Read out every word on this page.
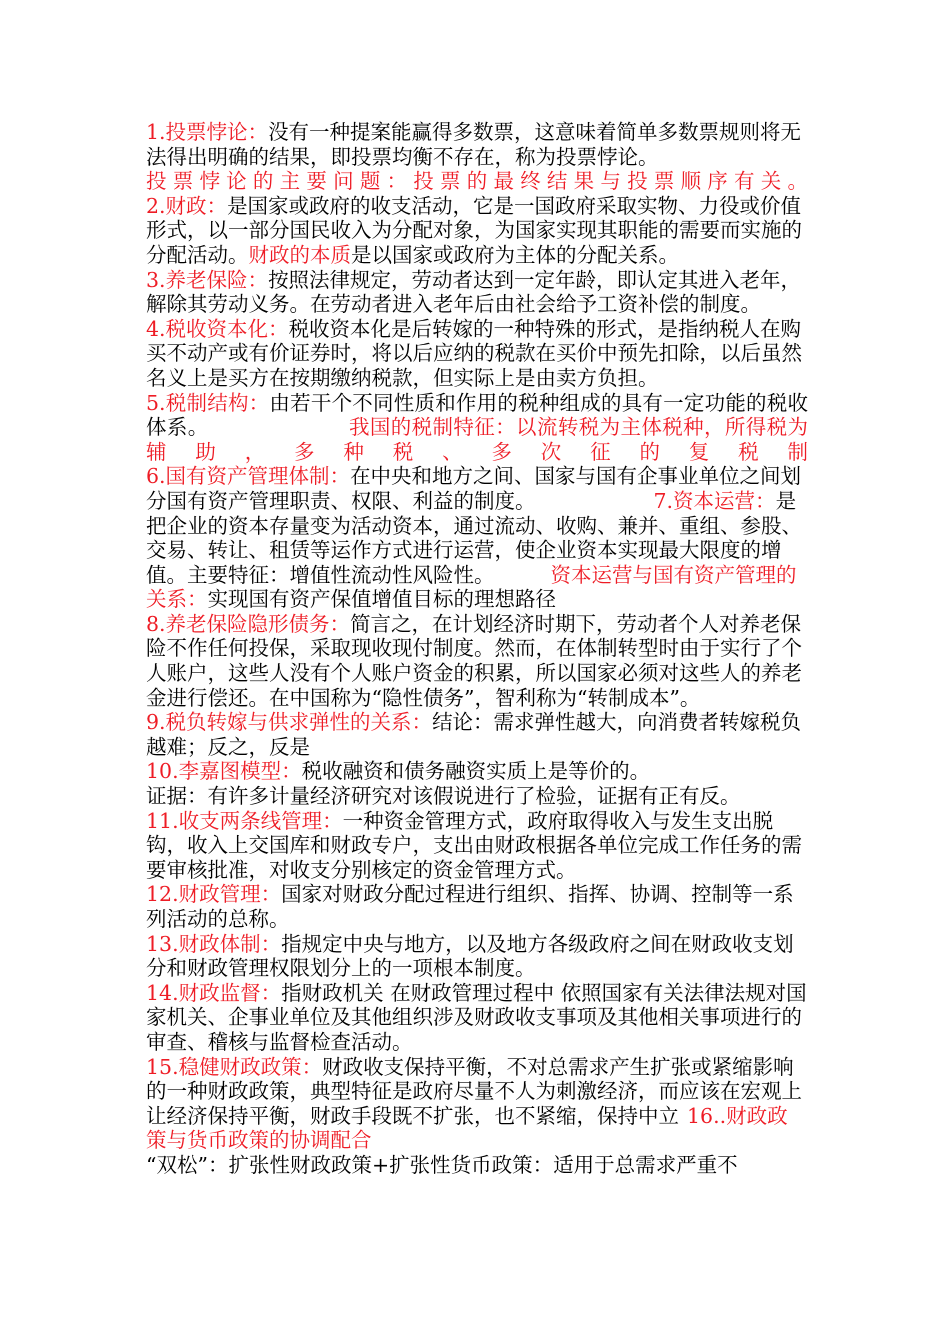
1.投票悖论：没有一种提案能赢得多数票，这意味着简单多数票规则将无法得出明确的结果，即投票均衡不存在，称为投票悖论。

投票悖论的主要问题：投票的最终结果与投票顺序有关。

2.财政：是国家或政府的收支活动，它是一国政府采取实物、力役或价值形式，以一部分国民收入为分配对象，为国家实现其职能的需要而实施的分配活动。财政的本质是以国家或政府为主体的分配关系。

3.养老保险：按照法律规定，劳动者达到一定年龄，即认定其进入老年，解除其劳动义务。在劳动者进入老年后由社会给予工资补偿的制度。

4.税收资本化：税收资本化是后转嫁的一种特殊的形式，是指纳税人在购买不动产或有价证券时，将以后应纳的税款在买价中预先扣除，以后虽然名义上是买方在按期缴纳税款，但实际上是由卖方负担。

5.税制结构：由若干个不同性质和作用的税种组成的具有一定功能的税收体系。	我国的税制特征：以流转税为主体税种，所得税为辅助，多种税、多次征的复税制

6.国有资产管理体制：在中央和地方之间、国家与国有企事业单位之间划分国有资产管理职责、权限、利益的制度。	7.资本运营：是把企业的资本存量变为活动资本，通过流动、收购、兼并、重组、参股、交易、转让、租赁等运作方式进行运营，使企业资本实现最大限度的增值。主要特征：增值性流动性风险性。	资本运营与国有资产管理的关系：实现国有资产保值增值目标的理想路径

8.养老保险隐形债务：简言之，在计划经济时期下，劳动者个人对养老保险不作任何投保，采取现收现付制度。然而，在体制转型时由于实行了个人账户，这些人没有个人账户资金的积累，所以国家必须对这些人的养老金进行偿还。在中国称为“隐性债务”，智利称为“转制成本”。

9.税负转嫁与供求弹性的关系：结论：需求弹性越大，向消费者转嫁税负越难；反之，反是

10.李嘉图模型：税收融资和债务融资实质上是等价的。

证据：有许多计量经济研究对该假说进行了检验，证据有正有反。

11.收支两条线管理：一种资金管理方式，政府取得收入与发生支出脱钩，收入上交国库和财政专户，支出由财政根据各单位完成工作任务的需要审核批准，对收支分别核定的资金管理方式。

12.财政管理：国家对财政分配过程进行组织、指挥、协调、控制等一系列活动的总称。

13.财政体制：指规定中央与地方，以及地方各级政府之间在财政收支划分和财政管理权限划分上的一项根本制度。

14.财政监督：指财政机关 在财政管理过程中 依照国家有关法律法规对国家机关、企事业单位及其他组织涉及财政收支事项及其他相关事项进行的审查、稽核与监督检查活动。

15.稳健财政政策：财政收支保持平衡，不对总需求产生扩张或紧缩影响的一种财政政策，典型特征是政府尽量不人为刺激经济，而应该在宏观上让经济保持平衡，财政手段既不扩张，也不紧缩，保持中立 16..财政政策与货币政策的协调配合

“双松”：扩张性财政政策+扩张性货币政策：适用于总需求严重不
